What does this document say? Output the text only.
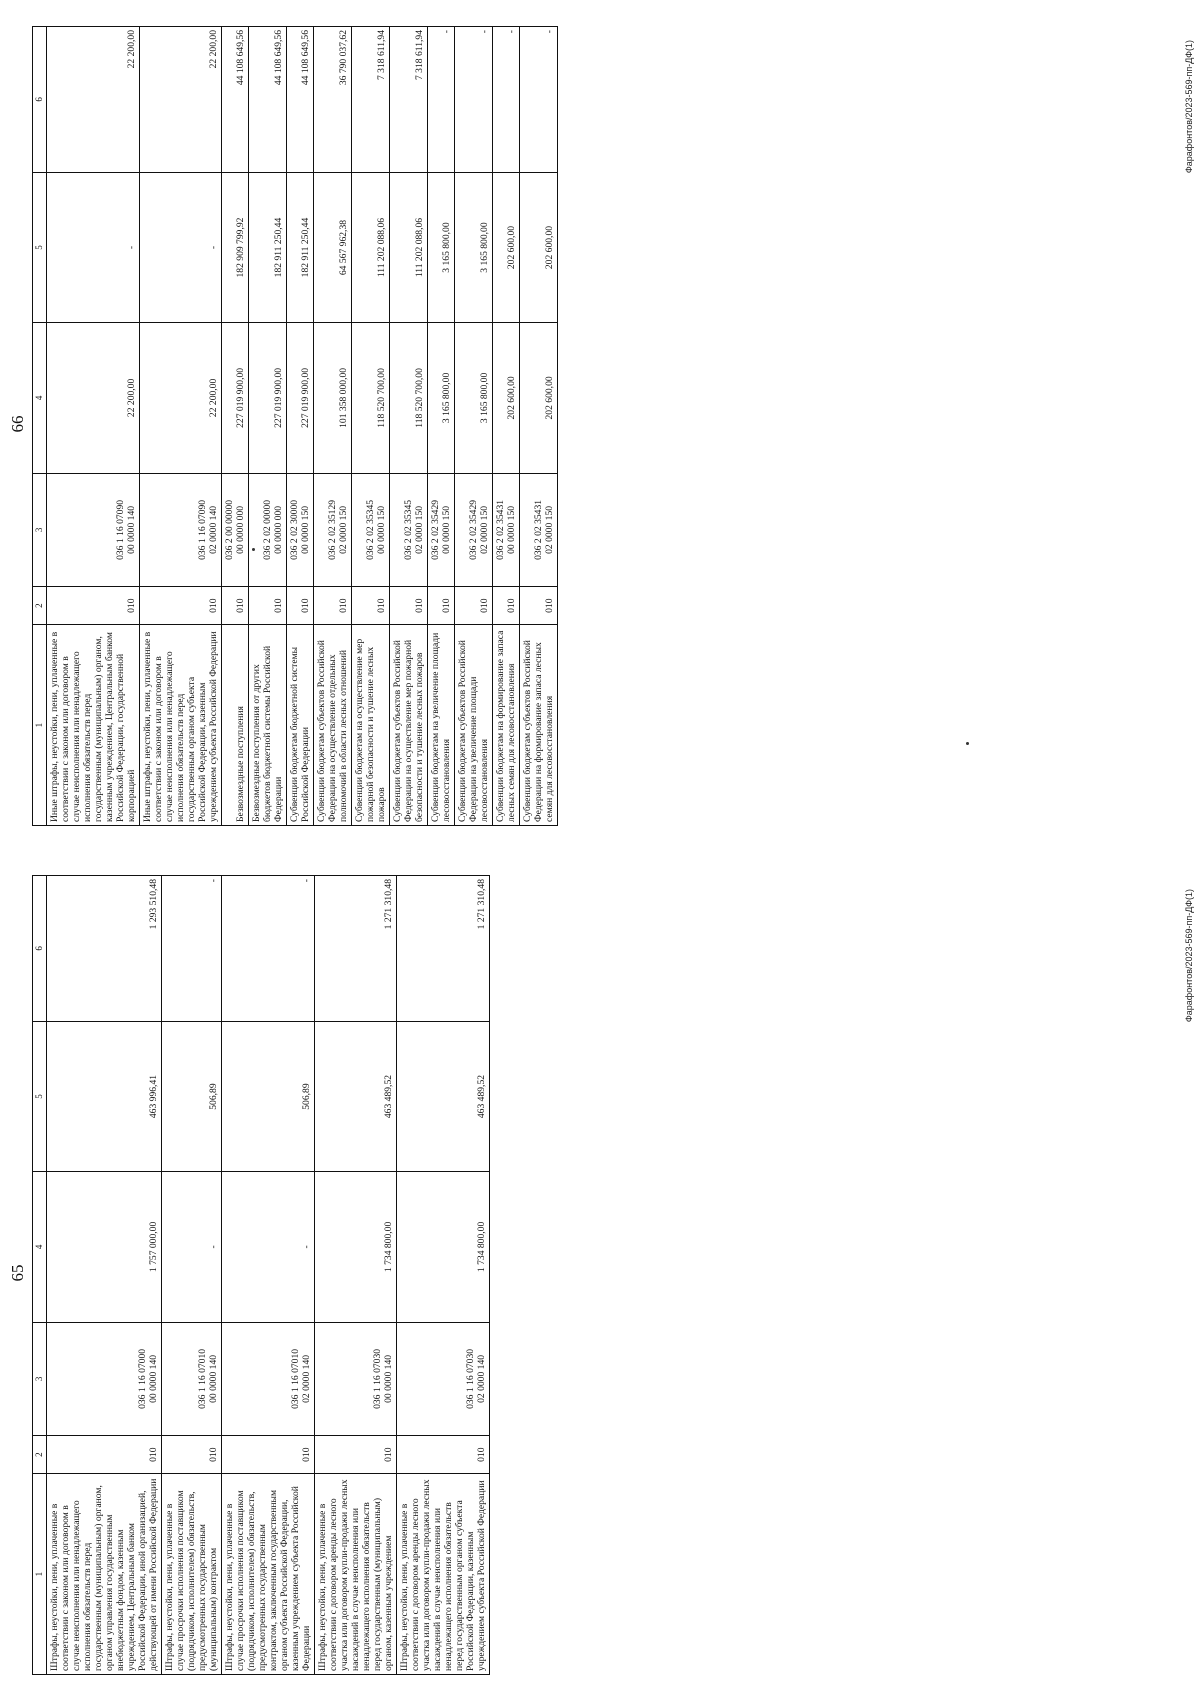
66
1	2	3	4	5	6
Иные штрафы, неустойки, пени, уплаченные в соответствии с законом или договором в случае неисполнения или ненадлежащего исполнения обязательств перед государственным (муниципальным) органом, казенным учреждением, Центральным банком Российской Федерации, государственной корпорацией	010	036 1 16 07090 00 0000 140	22 200,00	-	22 200,00
Иные штрафы, неустойки, пени, уплаченные в соответствии с законом или договором в случае неисполнения или ненадлежащего исполнения обязательств перед государственным органом субъекта Российской Федерации, казенным учреждением субъекта Российской Федерации	010	036 1 16 07090 02 0000 140	22 200,00	-	22 200,00
Безвозмездные поступления	010	036 2 00 00000 00 0000 000	227 019 900,00	182 909 799,92	44 108 649,56
Безвозмездные поступления от других бюджетов бюджетной системы Российской Федерации	010	036 2 02 00000 00 0000 000	227 019 900,00	182 911 250,44	44 108 649,56
Субвенции бюджетам бюджетной системы Российской Федерации	010	036 2 02 30000 00 0000 150	227 019 900,00	182 911 250,44	44 108 649,56
Субвенции бюджетам субъектов Российской Федерации на осуществление отдельных полномочий в области лесных отношений	010	036 2 02 35129 02 0000 150	101 358 000,00	64 567 962,38	36 790 037,62
Субвенции бюджетам на осуществление мер пожарной безопасности и тушение лесных пожаров	010	036 2 02 35345 00 0000 150	118 520 700,00	111 202 088,06	7 318 611,94
Субвенции бюджетам субъектов Российской Федерации на осуществление мер пожарной безопасности и тушение лесных пожаров	010	036 2 02 35345 02 0000 150	118 520 700,00	111 202 088,06	7 318 611,94
Субвенции бюджетам на увеличение площади лесовосстановления	010	036 2 02 35429 00 0000 150	3 165 800,00	3 165 800,00	-
Субвенции бюджетам субъектов Российской Федерации на увеличение площади лесовосстановления	010	036 2 02 35429 02 0000 150	3 165 800,00	3 165 800,00	-
Субвенции бюджетам на формирование запаса лесных семян для лесовосстановления	010	036 2 02 35431 00 0000 150	202 600,00	202 600,00	-
Субвенции бюджетам субъектов Российской Федерации на формирование запаса лесных семян для лесовосстановления	010	036 2 02 35431 02 0000 150	202 600,00	202 600,00	-
Фарафонтов/2023-569-пп-ДФ(1)
65
1	2	3	4	5	6
Штрафы, неустойки, пени, уплаченные в соответствии с законом или договором в случае неисполнения или ненадлежащего исполнения обязательств перед государственным (муниципальным) органом, органом управления государственным внебюджетным фондом, казенным учреждением, Центральным банком Российской Федерации, иной организацией, действующей от имени Российской Федерации	010	036 1 16 07000 00 0000 140	1 757 000,00	463 996,41	1 293 510,48
Штрафы, неустойки, пени, уплаченные в случае просрочки исполнения поставщиком (подрядчиком, исполнителем) обязательств, предусмотренных государственным (муниципальным) контрактом	010	036 1 16 07010 00 0000 140	-	506,89	-
Штрафы, неустойки, пени, уплаченные в случае просрочки исполнения поставщиком (подрядчиком, исполнителем) обязательств, предусмотренных государственным контрактом, заключенным государственным органом субъекта Российской Федерации, казенным учреждением субъекта Российской Федерации	010	036 1 16 07010 02 0000 140	-	506,89	-
Штрафы, неустойки, пени, уплаченные в соответствии с договором аренды лесного участка или договором купли-продажи лесных насаждений в случае неисполнения или ненадлежащего исполнения обязательств перед государственным (муниципальным) органом, казенным учреждением	010	036 1 16 07030 00 0000 140	1 734 800,00	463 489,52	1 271 310,48
Штрафы, неустойки, пени, уплаченные в соответствии с договором аренды лесного участка или договором купли-продажи лесных насаждений в случае неисполнения или ненадлежащего исполнения обязательств перед государственным органом субъекта Российской Федерации, казенным учреждением субъекта Российской Федерации	010	036 1 16 07030 02 0000 140	1 734 800,00	463 489,52	1 271 310,48	Фарафонтов/2023-569-пп-ДФ(1)
